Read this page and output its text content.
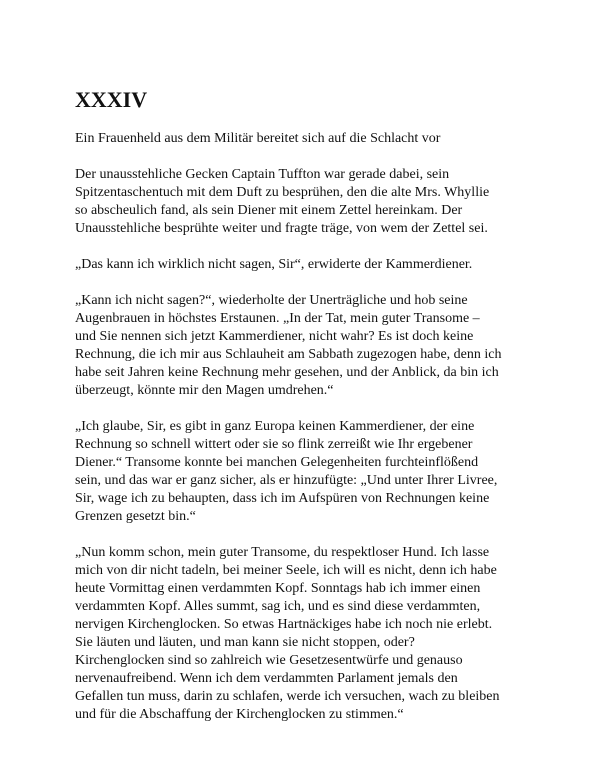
XXXIV

Ein Frauenheld aus dem Militär bereitet sich auf die Schlacht vor

Der unausstehliche Gecken Captain Tuffton war gerade dabei, sein
Spitzentaschentuch mit dem Duft zu besprühen, den die alte Mrs. Whyllie
so abscheulich fand, als sein Diener mit einem Zettel hereinkam. Der
Unausstehliche besprühte weiter und fragte träge, von wem der Zettel sei.

„Das kann ich wirklich nicht sagen, Sir“, erwiderte der Kammerdiener.

„Kann ich nicht sagen?“, wiederholte der Unerträgliche und hob seine
Augenbrauen in höchstes Erstaunen. „In der Tat, mein guter Transome –
und Sie nennen sich jetzt Kammerdiener, nicht wahr? Es ist doch keine
Rechnung, die ich mir aus Schlauheit am Sabbath zugezogen habe, denn ich
habe seit Jahren keine Rechnung mehr gesehen, und der Anblick, da bin ich
überzeugt, könnte mir den Magen umdrehen.“

„Ich glaube, Sir, es gibt in ganz Europa keinen Kammerdiener, der eine
Rechnung so schnell wittert oder sie so flink zerreißt wie Ihr ergebener
Diener.“ Transome konnte bei manchen Gelegenheiten furchteinflößend
sein, und das war er ganz sicher, als er hinzufügte: „Und unter Ihrer Livree,
Sir, wage ich zu behaupten, dass ich im Aufspüren von Rechnungen keine
Grenzen gesetzt bin.“

„Nun komm schon, mein guter Transome, du respektloser Hund. Ich lasse
mich von dir nicht tadeln, bei meiner Seele, ich will es nicht, denn ich habe
heute Vormittag einen verdammten Kopf. Sonntags hab ich immer einen
verdammten Kopf. Alles summt, sag ich, und es sind diese verdammten,
nervigen Kirchenglocken. So etwas Hartnäckiges habe ich noch nie erlebt.
Sie läuten und läuten, und man kann sie nicht stoppen, oder?
Kirchenglocken sind so zahlreich wie Gesetzesentwürfe und genauso
nervenaufreibend. Wenn ich dem verdammten Parlament jemals den
Gefallen tun muss, darin zu schlafen, werde ich versuchen, wach zu bleiben
und für die Abschaffung der Kirchenglocken zu stimmen.“
